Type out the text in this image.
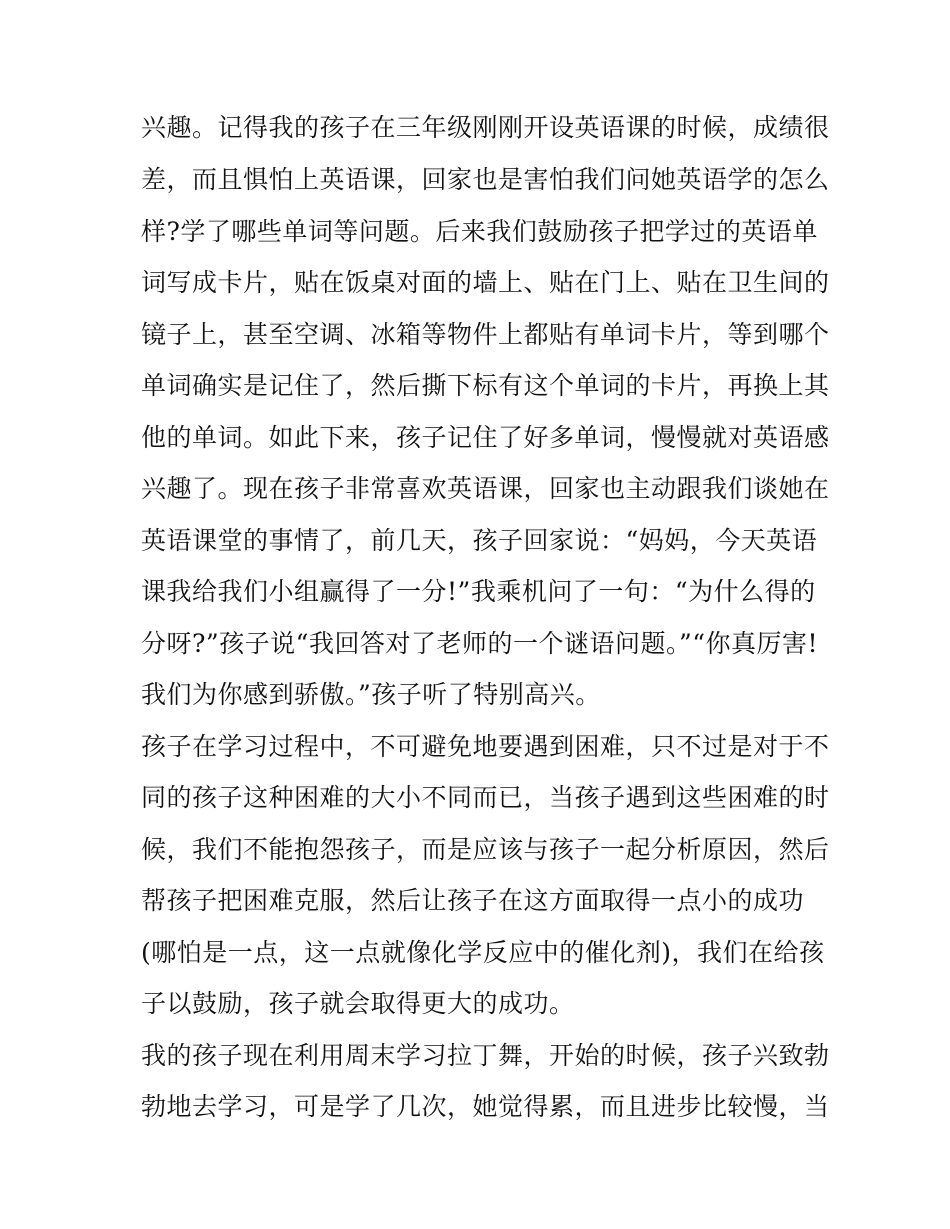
兴趣。记得我的孩子在三年级刚刚开设英语课的时候，成绩很
差，而且惧怕上英语课，回家也是害怕我们问她英语学的怎么
样?学了哪些单词等问题。后来我们鼓励孩子把学过的英语单
词写成卡片，贴在饭桌对面的墙上、贴在门上、贴在卫生间的
镜子上，甚至空调、冰箱等物件上都贴有单词卡片，等到哪个
单词确实是记住了，然后撕下标有这个单词的卡片，再换上其
他的单词。如此下来，孩子记住了好多单词，慢慢就对英语感
兴趣了。现在孩子非常喜欢英语课，回家也主动跟我们谈她在
英语课堂的事情了，前几天，孩子回家说：“妈妈，今天英语
课我给我们小组赢得了一分!”我乘机问了一句：“为什么得的
分呀?”孩子说“我回答对了老师的一个谜语问题。”“你真厉害!
我们为你感到骄傲。”孩子听了特别高兴。
孩子在学习过程中，不可避免地要遇到困难，只不过是对于不
同的孩子这种困难的大小不同而已，当孩子遇到这些困难的时
候，我们不能抱怨孩子，而是应该与孩子一起分析原因，然后
帮孩子把困难克服，然后让孩子在这方面取得一点小的成功
(哪怕是一点，这一点就像化学反应中的催化剂)，我们在给孩
子以鼓励，孩子就会取得更大的成功。
我的孩子现在利用周末学习拉丁舞，开始的时候，孩子兴致勃
勃地去学习，可是学了几次，她觉得累，而且进步比较慢，当
